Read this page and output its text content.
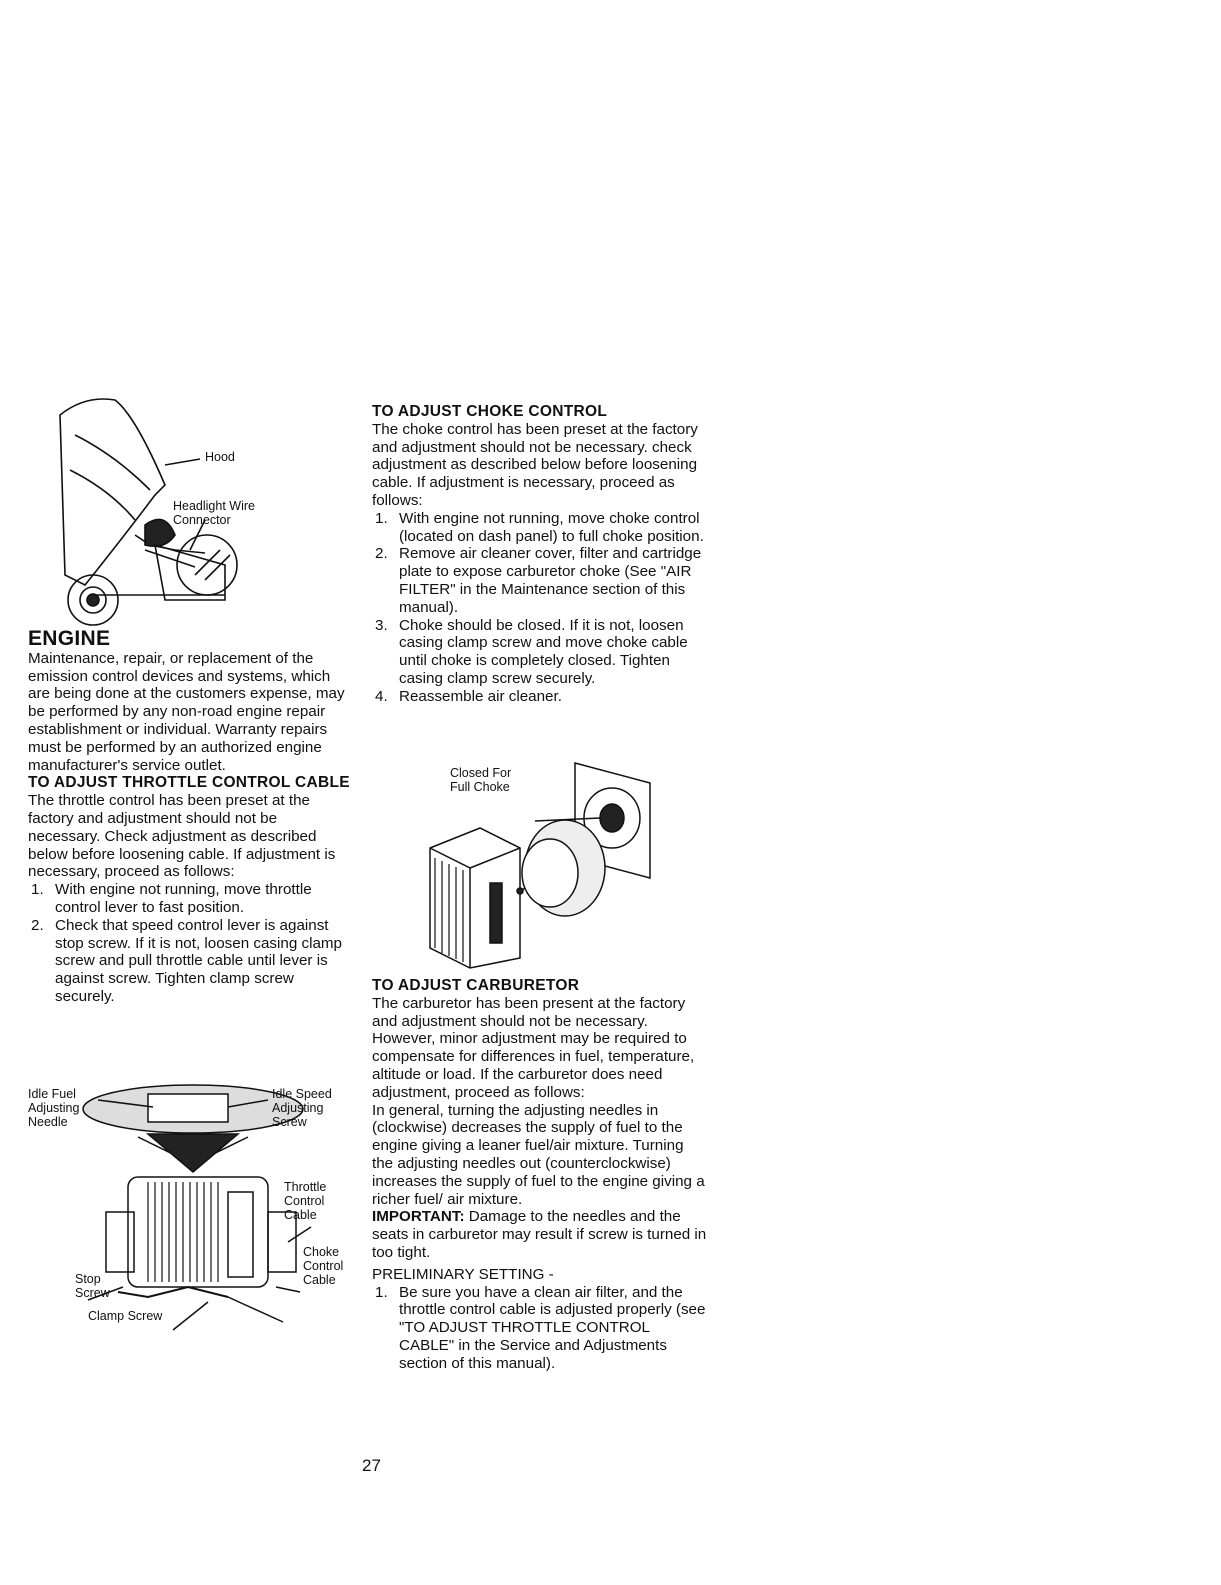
Hood
Headlight Wire
Connector
ENGINE

Maintenance, repair, or replacement of the emission control devices and systems, which are being done at the customers expense, may be performed by any non-road engine repair establishment or individual. Warranty repairs must be performed by an authorized engine manufacturer's service outlet.

TO ADJUST THROTTLE CONTROL CABLE

The throttle control has been preset at the factory and adjustment should not be necessary. Check adjustment as described below before loosening cable. If adjustment is necessary, proceed as follows:

1. With engine not running, move throttle control lever to fast position.
2. Check that speed control lever is against stop screw. If it is not, loosen casing clamp screw and pull throttle cable until lever is against screw. Tighten clamp screw securely.
Idle Fuel
Adjusting
Needle
Idle Speed
Adjusting
Screw
Throttle
Control
Cable
Choke
Control
Cable
Stop
Screw
Clamp Screw
TO ADJUST CHOKE CONTROL

The choke control has been preset at the factory and adjustment should not be necessary. check adjustment as described below before loosening cable. If adjustment is necessary, proceed as follows:

1. With engine not running, move choke control (located on dash panel) to full choke position.
2. Remove air cleaner cover, filter and cartridge plate to expose carburetor choke (See "AIR FILTER" in the Maintenance section of this manual).
3. Choke should be closed. If it is not, loosen casing clamp screw and move choke cable until choke is completely closed. Tighten casing clamp screw securely.
4. Reassemble air cleaner.
Closed For
Full Choke
TO ADJUST CARBURETOR

The carburetor has been present at the factory and adjustment should not be necessary. However, minor adjustment may be required to compensate for differences in fuel, temperature, altitude or load. If the carburetor does need adjustment, proceed as follows:

In general, turning the adjusting needles in (clockwise) decreases the supply of fuel to the engine giving a leaner fuel/air mixture. Turning the adjusting needles out (counterclockwise) increases the supply of fuel to the engine giving a richer fuel/ air mixture.

IMPORTANT: Damage to the needles and the seats in carburetor may result if screw is turned in too tight.

PRELIMINARY SETTING -

1. Be sure you have a clean air filter, and the throttle control cable is adjusted properly (see "TO ADJUST THROTTLE CONTROL CABLE" in the Service and Adjustments section of this manual).
27
